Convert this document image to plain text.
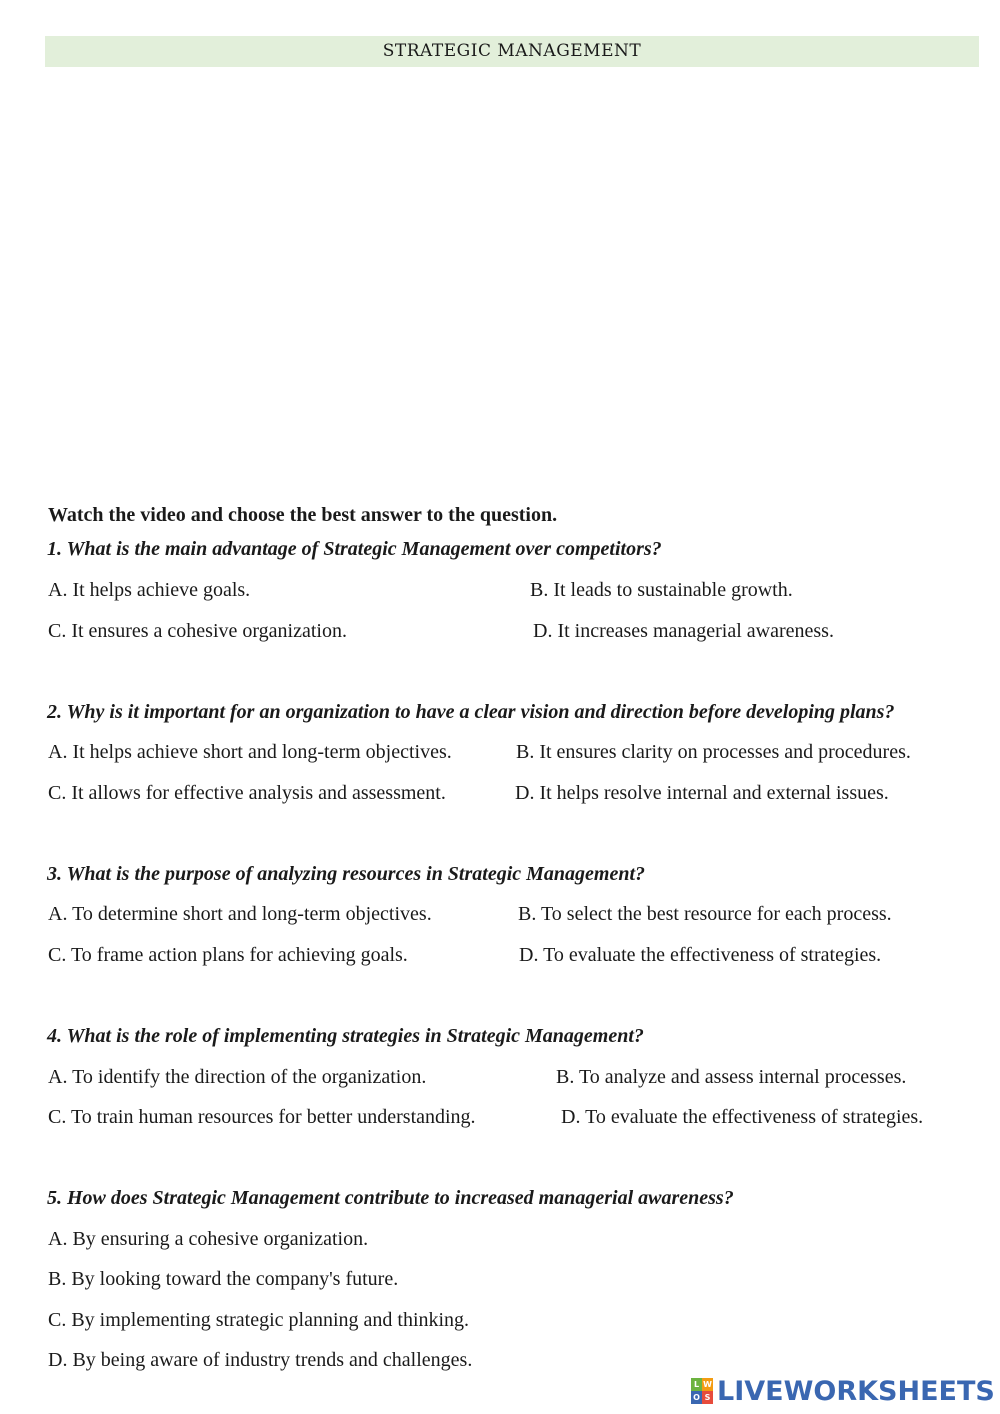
STRATEGIC MANAGEMENT
Watch the video and choose the best answer to the question.
1. What is the main advantage of Strategic Management over competitors?
A. It helps achieve goals.	B. It leads to sustainable growth.
C. It ensures a cohesive organization.	D. It increases managerial awareness.
2. Why is it important for an organization to have a clear vision and direction before developing plans?
A. It helps achieve short and long-term objectives.	B. It ensures clarity on processes and procedures.
C. It allows for effective analysis and assessment.	D. It helps resolve internal and external issues.
3. What is the purpose of analyzing resources in Strategic Management?
A. To determine short and long-term objectives.	B. To select the best resource for each process.
C. To frame action plans for achieving goals.	D. To evaluate the effectiveness of strategies.
4. What is the role of implementing strategies in Strategic Management?
A. To identify the direction of the organization.	B. To analyze and assess internal processes.
C. To train human resources for better understanding.	D. To evaluate the effectiveness of strategies.
5. How does Strategic Management contribute to increased managerial awareness?
A. By ensuring a cohesive organization.
B. By looking toward the company's future.
C. By implementing strategic planning and thinking.
D. By being aware of industry trends and challenges.
L W
O S LIVEWORKSHEETS
